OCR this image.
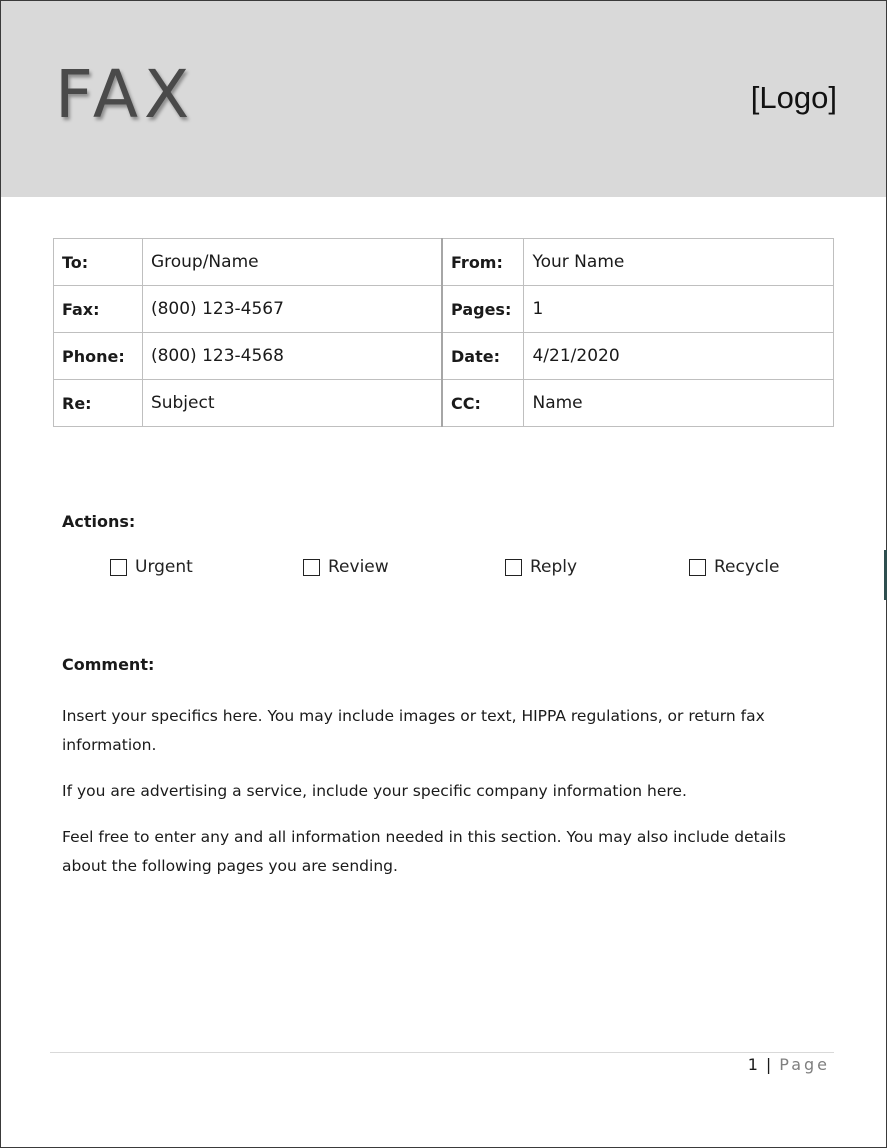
FAX	[Logo]
To:	Group/Name	From:	Your Name
Fax:	(800) 123-4567	Pages:	1
Phone:	(800) 123-4568	Date:	4/21/2020
Re:	Subject	CC:	Name
Actions:
Urgent	Review	Reply	Recycle
Comment:

Insert your specifics here. You may include images or text, HIPPA regulations, or return fax information.

If you are advertising a service, include your specific company information here.

Feel free to enter any and all information needed in this section. You may also include details about the following pages you are sending.

1 | Page
